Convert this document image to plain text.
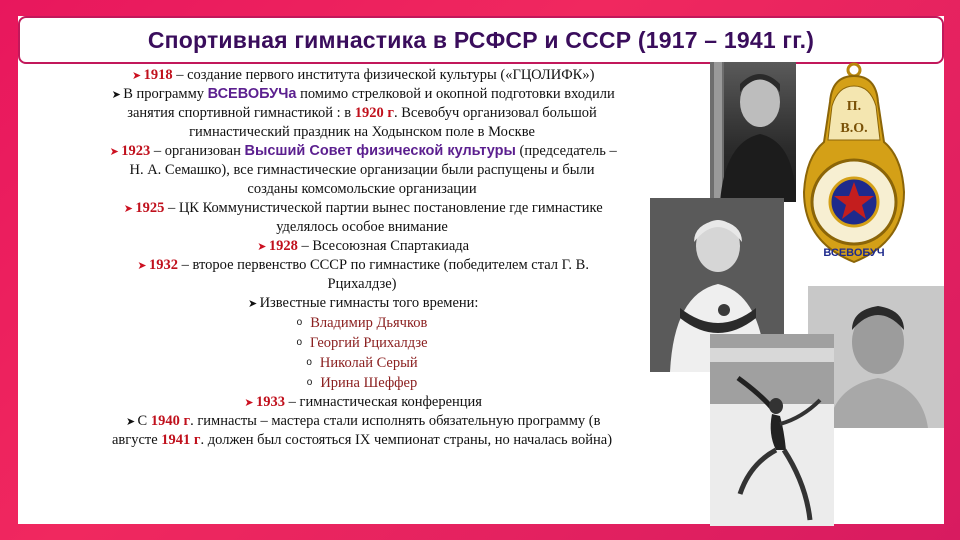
Спортивная гимнастика в РСФСР и СССР (1917 – 1941 гг.)

➤ 1918 – создание первого института физической культуры («ГЦОЛИФК»)

➤ В программу ВСЕВОБУЧа помимо стрелковой и окопной подготовки входили
занятия спортивной гимнастикой : в 1920 г. Всевобуч организовал большой
гимнастический праздник на Ходынском поле в Москве

➤ 1923 – организован Высший Совет физической культуры (председатель –
Н. А. Семашко), все гимнастические организации были распущены и были
созданы комсомольские организации

➤ 1925 – ЦК Коммунистической партии вынес постановление где гимнастике
уделялось особое внимание

➤ 1928 – Всесоюзная Спартакиада

➤ 1932 – второе первенство СССР по гимнастике (победителем стал Г. В.
Рцихалдзе)

➤ Известные гимнасты того времени:

o Владимир Дьячков

o Георгий Рцихалдзе

o Николай Серый

o Ирина Шеффер

➤ 1933 – гимнастическая конференция

➤ С 1940 г. гимнасты – мастера стали исполнять обязательную программу (в
августе 1941 г. должен был состояться IX чемпионат страны, но началась война)

П.
В.О.
ВСЕВОБУЧ
